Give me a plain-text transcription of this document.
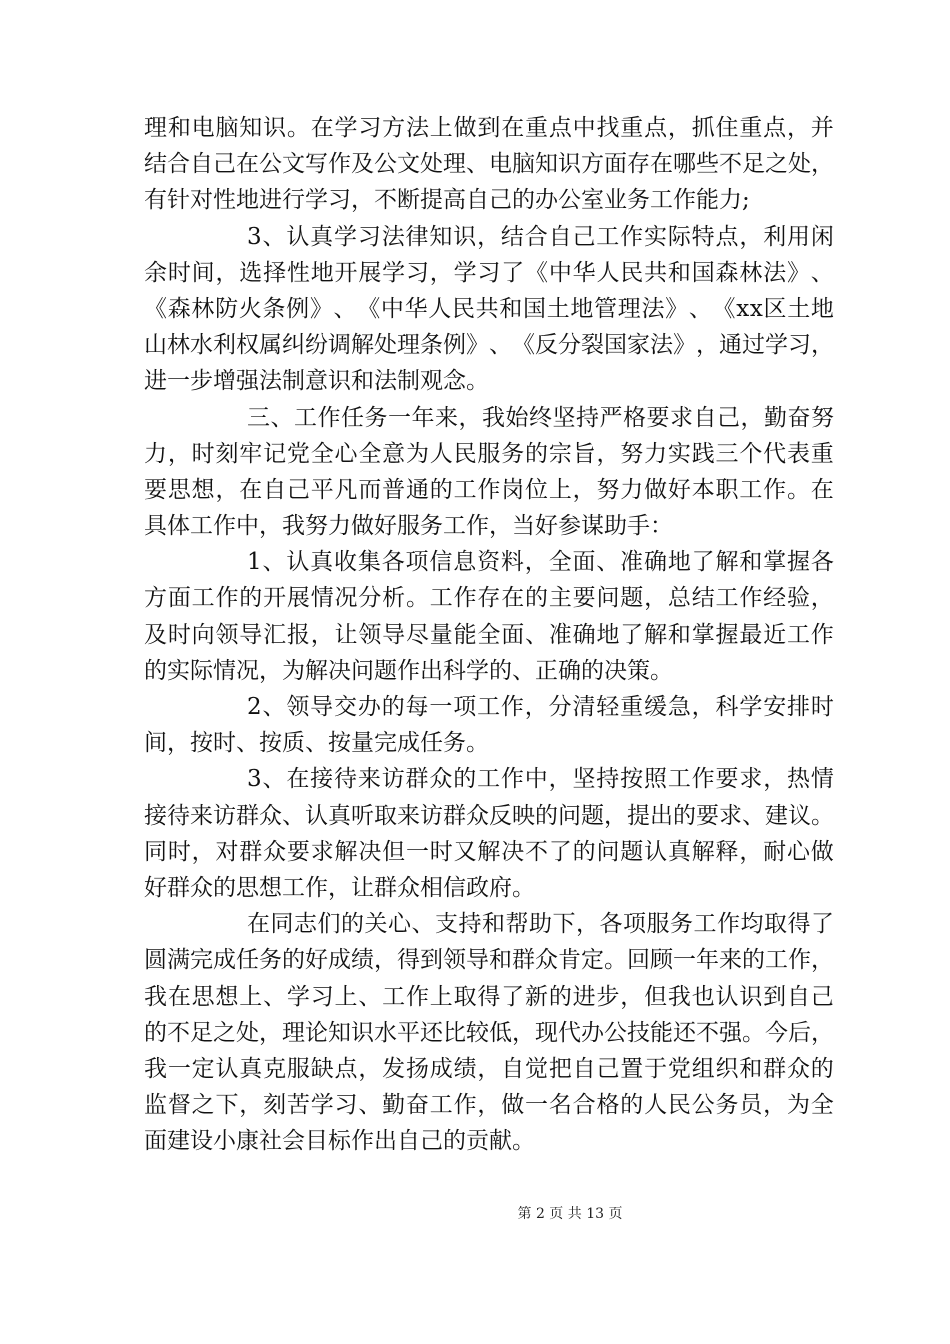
理 和 电 脑 知 识 。 在 学 习 方 法 上 做 到 在 重 点 中 找 重 点 ， 抓 住 重 点 ， 并
结 合 自 己 在 公 文 写 作 及 公 文 处 理 、 电 脑 知 识 方 面 存 在 哪 些 不 足 之 处 ，
有针对性地进行学习，不断提高自己的办公室业务工作能力;
3 、 认 真 学 习 法 律 知 识 ， 结 合 自 己 工 作 实 际 特 点 ， 利 用 闲
余 时 间 ， 选 择 性 地 开 展 学 习 ， 学 习 了 《 中 华 人 民 共 和 国 森 林 法 》 、
《 森 林 防 火 条 例 》 、 《 中 华 人 民 共 和 国 土 地 管 理 法 》 、 《 x x 区 土 地
山 林 水 利 权 属 纠 纷 调 解 处 理 条 例 》 、 《 反 分 裂 国 家 法 》 ， 通 过 学 习 ，
进一步增强法制意识和法制观念。
三 、 工 作 任 务 一 年 来 ， 我 始 终 坚 持 严 格 要 求 自 己 ， 勤 奋 努
力 ， 时 刻 牢 记 党 全 心 全 意 为 人 民 服 务 的 宗 旨 ， 努 力 实 践 三 个 代 表 重
要 思 想 ， 在 自 己 平 凡 而 普 通 的 工 作 岗 位 上 ， 努 力 做 好 本 职 工 作 。 在
具体工作中，我努力做好服务工作，当好参谋助手：
1 、 认 真 收 集 各 项 信 息 资 料 ， 全 面 、 准 确 地 了 解 和 掌 握 各
方 面 工 作 的 开 展 情 况 分 析 。 工 作 存 在 的 主 要 问 题 ， 总 结 工 作 经 验 ，
及 时 向 领 导 汇 报 ， 让 领 导 尽 量 能 全 面 、 准 确 地 了 解 和 掌 握 最 近 工 作
的实际情况，为解决问题作出科学的、正确的决策。
2 、 领 导 交 办 的 每 一 项 工 作 ， 分 清 轻 重 缓 急 ， 科 学 安 排 时
间，按时、按质、按量完成任务。
3 、 在 接 待 来 访 群 众 的 工 作 中 ， 坚 持 按 照 工 作 要 求 ， 热 情
接 待 来 访 群 众 、 认 真 听 取 来 访 群 众 反 映 的 问 题 ， 提 出 的 要 求 、 建 议 。
同 时 ， 对 群 众 要 求 解 决 但 一 时 又 解 决 不 了 的 问 题 认 真 解 释 ， 耐 心 做
好群众的思想工作，让群众相信政府。
在 同 志 们 的 关 心 、 支 持 和 帮 助 下 ， 各 项 服 务 工 作 均 取 得 了
圆 满 完 成 任 务 的 好 成 绩 ， 得 到 领 导 和 群 众 肯 定 。 回 顾 一 年 来 的 工 作 ，
我 在 思 想 上 、 学 习 上 、 工 作 上 取 得 了 新 的 进 步 ， 但 我 也 认 识 到 自 己
的 不 足 之 处 ， 理 论 知 识 水 平 还 比 较 低 ， 现 代 办 公 技 能 还 不 强 。 今 后 ，
我 一 定 认 真 克 服 缺 点 ， 发 扬 成 绩 ， 自 觉 把 自 己 置 于 党 组 织 和 群 众 的
监 督 之 下 ， 刻 苦 学 习 、 勤 奋 工 作 ， 做 一 名 合 格 的 人 民 公 务 员 ， 为 全
面建设小康社会目标作出自己的贡献。
第 2 页 共 13 页
